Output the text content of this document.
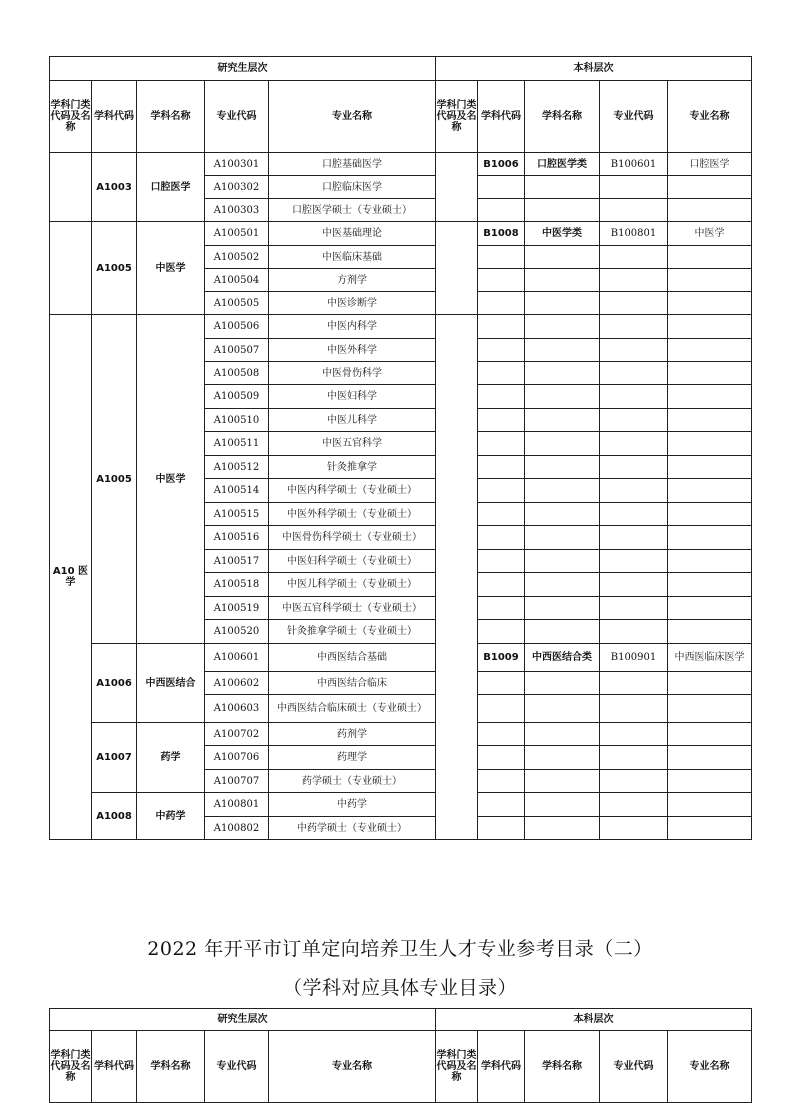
研究生层次					本科层次				
学科门类代码及名称	学科代码	学科名称	专业代码	专业名称	学科门类代码及名称	学科代码	学科名称	专业代码	专业名称
	A1003	口腔医学	A100301	口腔基础医学		B1006	口腔医学类	B100601	口腔医学
			A100302	口腔临床医学					
			A100303	口腔医学硕士（专业硕士）					
	A1005	中医学	A100501	中医基础理论		B1008	中医学类	B100801	中医学
			A100502	中医临床基础					
			A100504	方剂学					
			A100505	中医诊断学					
A10 医学	A1005	中医学	A100506	中医内科学					
			A100507	中医外科学					
			A100508	中医骨伤科学					
			A100509	中医妇科学					
			A100510	中医儿科学					
			A100511	中医五官科学					
			A100512	针灸推拿学					
			A100514	中医内科学硕士（专业硕士）					
			A100515	中医外科学硕士（专业硕士）					
			A100516	中医骨伤科学硕士（专业硕士）					
			A100517	中医妇科学硕士（专业硕士）					
			A100518	中医儿科学硕士（专业硕士）					
			A100519	中医五官科学硕士（专业硕士）					
			A100520	针灸推拿学硕士（专业硕士）					
	A1006	中西医结合	A100601	中西医结合基础		B1009	中西医结合类	B100901	中西医临床医学
			A100602	中西医结合临床					
			A100603	中西医结合临床硕士（专业硕士）					
	A1007	药学	A100702	药剂学					
			A100706	药理学					
			A100707	药学硕士（专业硕士）					
	A1008	中药学	A100801	中药学					
			A100802	中药学硕士（专业硕士）					
2022 年开平市订单定向培养卫生人才专业参考目录（二）
（学科对应具体专业目录）
研究生层次					本科层次				
学科门类代码及名称	学科代码	学科名称	专业代码	专业名称	学科门类代码及名称	学科代码	学科名称	专业代码	专业名称
